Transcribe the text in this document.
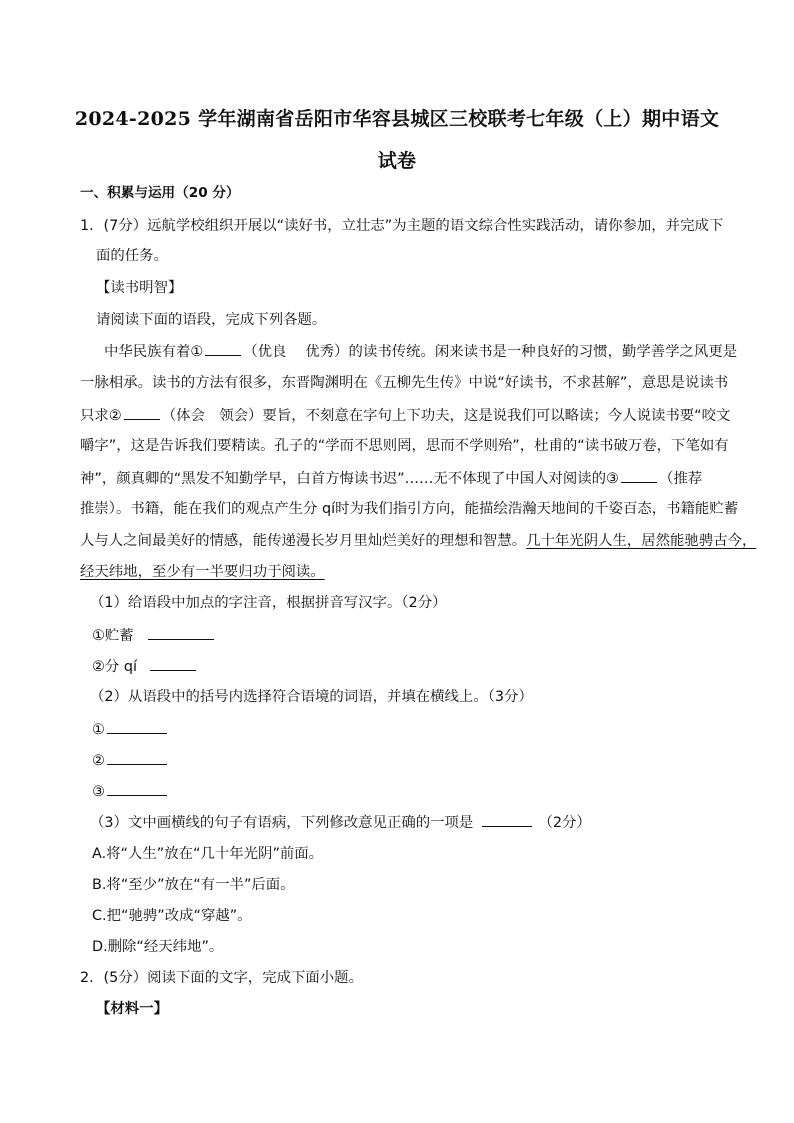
2024-2025 学年湖南省岳阳市华容县城区三校联考七年级（上）期中语文
试卷
一、积累与运用（20 分）
1．(7分）远航学校组织开展以“读好书，立壮志”为主题的语文综合性实践活动，请你参加，并完成下
面的任务。
【读书明智】
请阅读下面的语段，完成下列各题。
中华民族有着①	（优良　 优秀）的读书传统。闲来读书是一种良好的习惯，勤学善学之风更是
一脉相承。读书的方法有很多，东晋陶渊明在《五柳先生传》中说“好读书，不求甚解”，意思是说读书
只求②	（体会　领会）要旨，不刻意在字句上下功夫，这是说我们可以略读；今人说读书要“咬文
嚼字”，这是告诉我们要精读。孔子的“学而不思则罔，思而不学则殆”，杜甫的“读书破万卷，下笔如有
神”，颜真卿的“黑发不知勤学早，白首方悔读书迟”……无不体现了中国人对阅读的③	（推荐
推崇）。书籍，能在我们的观点产生分 qí时为我们指引方向，能描绘浩瀚天地间的千姿百态，书籍能贮蓄
人与人之间最美好的情感，能传递漫长岁月里灿烂美好的理想和智慧。几十年光阴人生，居然能驰骋古今，
经天纬地，至少有一半要归功于阅读。
（1）给语段中加点的字注音，根据拼音写汉字。（2分）
①贮蓄
②分 qí
（2）从语段中的括号内选择符合语境的词语，并填在横线上。（3分）
①
②
③
（3）文中画横线的句子有语病，下列修改意见正确的一项是	（2分）
A.将“人生”放在“几十年光阴”前面。
B.将“至少”放在“有一半”后面。
C.把“驰骋”改成“穿越”。
D.删除“经天纬地”。
2．(5分）阅读下面的文字，完成下面小题。
【材料一】
